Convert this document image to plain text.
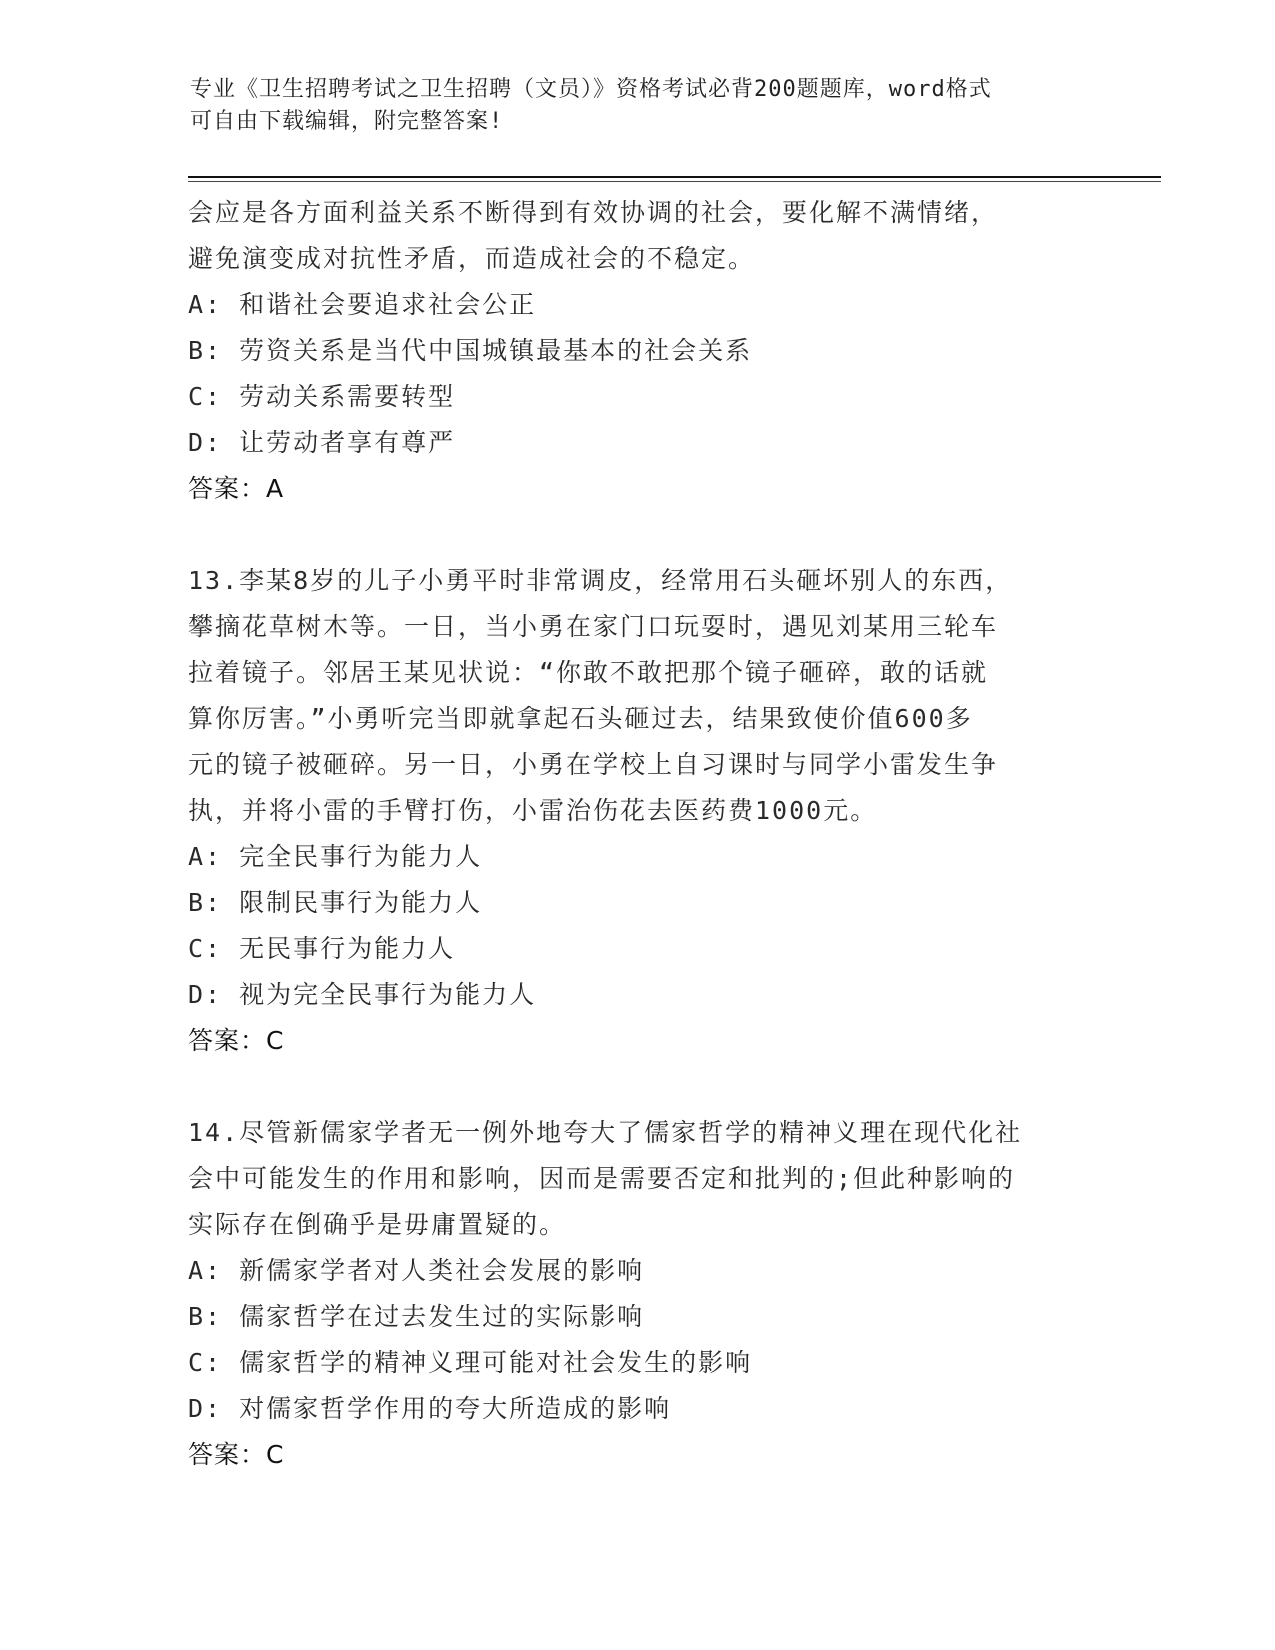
专业《卫生招聘考试之卫生招聘（文员）》资格考试必背200题题库，word格式
可自由下载编辑，附完整答案!
会应是各方面利益关系不断得到有效协调的社会，要化解不满情绪，
避免演变成对抗性矛盾，而造成社会的不稳定。
A: 和谐社会要追求社会公正
B: 劳资关系是当代中国城镇最基本的社会关系
C: 劳动关系需要转型
D: 让劳动者享有尊严
答案：A
13.李某8岁的儿子小勇平时非常调皮，经常用石头砸坏别人的东西，
攀摘花草树木等。一日，当小勇在家门口玩耍时，遇见刘某用三轮车
拉着镜子。邻居王某见状说：“你敢不敢把那个镜子砸碎，敢的话就
算你厉害。”小勇听完当即就拿起石头砸过去，结果致使价值600多
元的镜子被砸碎。另一日，小勇在学校上自习课时与同学小雷发生争
执，并将小雷的手臂打伤，小雷治伤花去医药费1000元。
A: 完全民事行为能力人
B: 限制民事行为能力人
C: 无民事行为能力人
D: 视为完全民事行为能力人
答案：C
14.尽管新儒家学者无一例外地夸大了儒家哲学的精神义理在现代化社
会中可能发生的作用和影响，因而是需要否定和批判的;但此种影响的
实际存在倒确乎是毋庸置疑的。
A: 新儒家学者对人类社会发展的影响
B: 儒家哲学在过去发生过的实际影响
C: 儒家哲学的精神义理可能对社会发生的影响
D: 对儒家哲学作用的夸大所造成的影响
答案：C
